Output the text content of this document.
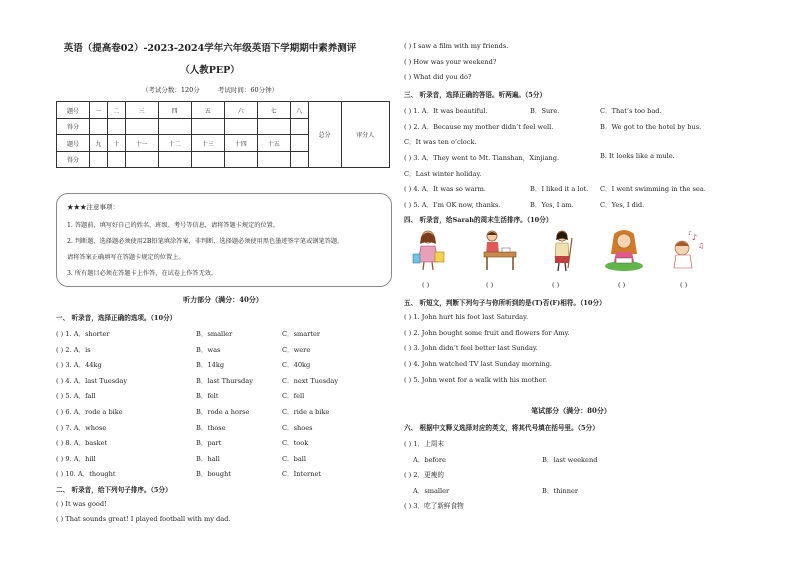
英语（提高卷02）-2023-2024学年六年级英语下学期期中素养测评
（人教PEP）
（考试分数：120分	考试时间：60分钟）
题号	一	二	三	四	五	六	七	八	总分	审分人
得分										
题号	九	十	十一	十二	十三	十四	十五			
得分										
★★★注意事项：
1. 答题前，填写好自己的姓名、班级、考号等信息，请将答题卡规定的位置。
2. 判断题、选择题必须使用2B铅笔填涂答案，非判断、选择题必须使用黑色墨迹签字笔或钢笔答题，
请将答案正确填写在答题卡规定的位置上。
3. 所有题目必须在答题卡上作答，在试卷上作答无效。
听力部分（满分：40分）
一、 听录音，选择正确的选项。（10分）
( ) 1. A．shorter	B．smaller	C．smarter
( ) 2. A．is	B．was	C．were
( ) 3. A．44kg	B．14kg	C．40kg
( ) 4. A．last Tuesday	B．last Thursday	C．next Tuesday
( ) 5. A．fall	B．felt	C．fell
( ) 6. A．rode a bike	B．rode a horse	C．ride a bike
( ) 7. A．whose	B．those	C．shoes
( ) 8. A．basket	B．part	C．took
( ) 9. A．hill	B．hall	C．ball
( ) 10. A．thought	B．bought	C．Internet
二、 听录音，给下列句子排序。（5分）
( ) It was good!
( ) That sounds great! I played football with my dad.
( ) I saw a film with my friends.
( ) How was your weekend?
( ) What did you do?
三、 听录音，选择正确的答语。听两遍。（5分）
( ) 1. A．It was beautiful.	B．Sure.	C．That’s too bad.
( ) 2. A．Because my mother didn’t feel well.	B．We got to the hotel by bus.
C．It was ten o’clock.
( ) 3. A．They went to Mt. Tianshan，Xinjiang.	B. It looks like a mule.
C．Last winter holiday.
( ) 4. A．It was so warm.	B．I liked it a lot. C．I went swimming in the sea.
( ) 5. A．I’m OK now, thanks.	B．Yes, I am.	C．Yes, I did.
四、 听录音，给Sarah的周末生活排序。（10分）
♪
♫
♪
( )	( )	( )	( )	( )
五、 听短文，判断下列句子与你所听到的是(T)否(F)相符。（10分）
( ) 1. John hurt his foot last Saturday.
( ) 2. John bought some fruit and flowers for Amy.
( ) 3. John didn’t feel better last Sunday.
( ) 4. John watched TV last Sunday morning.
( ) 5. John went for a walk with his mother.
笔试部分（满分：80分）
六、 根据中文释义选择对应的英文，将其代号填在括号里。（5分）
( ) 1．上周末
A．before	B．last weekend
( ) 2．更瘦的
A．smaller	B．thinner
( ) 3．吃了新鲜食物
